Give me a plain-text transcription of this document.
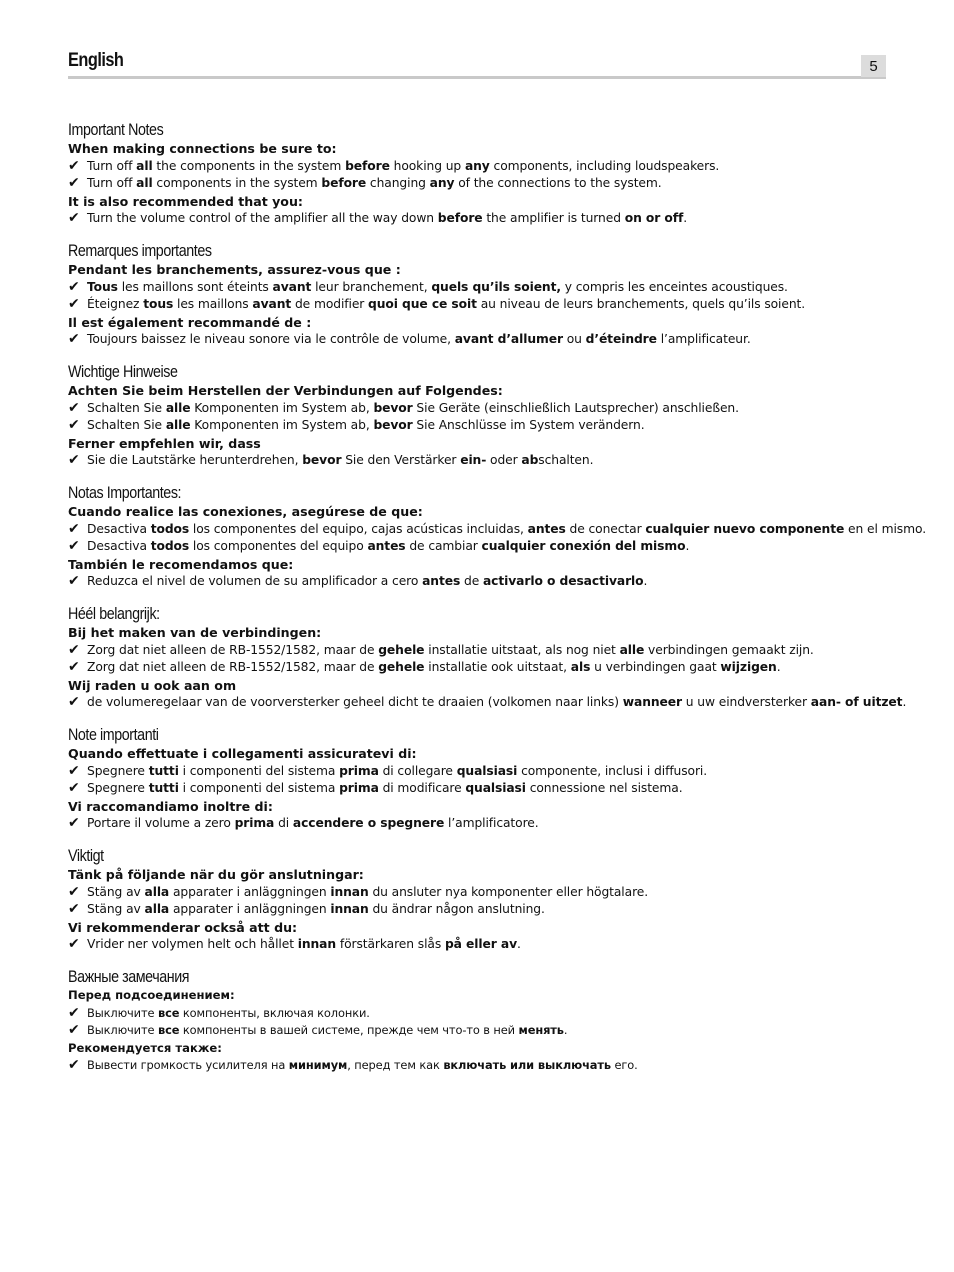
English	5
Important Notes
When making connections be sure to:
✔ Turn off all the components in the system before hooking up any components, including loudspeakers.
✔ Turn off all components in the system before changing any of the connections to the system.
It is also recommended that you:
✔ Turn the volume control of the amplifier all the way down before the amplifier is turned on or off.
Remarques importantes
Pendant les branchements, assurez-vous que :
✔ Tous les maillons sont éteints avant leur branchement, quels qu’ils soient, y compris les enceintes acoustiques.
✔ Éteignez tous les maillons avant de modifier quoi que ce soit au niveau de leurs branchements, quels qu’ils soient.
Il est également recommandé de :
✔ Toujours baissez le niveau sonore via le contrôle de volume, avant d’allumer ou d’éteindre l’amplificateur.
Wichtige Hinweise
Achten Sie beim Herstellen der Verbindungen auf Folgendes:
✔ Schalten Sie alle Komponenten im System ab, bevor Sie Geräte (einschließlich Lautsprecher) anschließen.
✔ Schalten Sie alle Komponenten im System ab, bevor Sie Anschlüsse im System verändern.
Ferner empfehlen wir, dass
✔ Sie die Lautstärke herunterdrehen, bevor Sie den Verstärker ein- oder abschalten.
Notas Importantes:
Cuando realice las conexiones, asegúrese de que:
✔ Desactiva todos los componentes del equipo, cajas acústicas incluidas, antes de conectar cualquier nuevo componente en el mismo.
✔ Desactiva todos los componentes del equipo antes de cambiar cualquier conexión del mismo.
También le recomendamos que:
✔ Reduzca el nivel de volumen de su amplificador a cero antes de activarlo o desactivarlo.
Héél belangrijk:
Bij het maken van de verbindingen:
✔ Zorg dat niet alleen de RB-1552/1582, maar de gehele installatie uitstaat, als nog niet alle verbindingen gemaakt zijn.
✔ Zorg dat niet alleen de RB-1552/1582, maar de gehele installatie ook uitstaat, als u verbindingen gaat wijzigen.
Wij raden u ook aan om
✔ de volumeregelaar van de voorversterker geheel dicht te draaien (volkomen naar links) wanneer u uw eindversterker aan- of uitzet.
Note importanti
Quando effettuate i collegamenti assicuratevi di:
✔ Spegnere tutti i componenti del sistema prima di collegare qualsiasi componente, inclusi i diffusori.
✔ Spegnere tutti i componenti del sistema prima di modificare qualsiasi connessione nel sistema.
Vi raccomandiamo inoltre di:
✔ Portare il volume a zero prima di accendere o spegnere l’amplificatore.
Viktigt
Tänk på följande när du gör anslutningar:
✔ Stäng av alla apparater i anläggningen innan du ansluter nya komponenter eller högtalare.
✔ Stäng av alla apparater i anläggningen innan du ändrar någon anslutning.
Vi rekommenderar också att du:
✔ Vrider ner volymen helt och hållet innan förstärkaren slås på eller av.
Важные замечания
Перед подсоединением:
✔ Выключите все компоненты, включая колонки.
✔ Выключите все компоненты в вашей системе, прежде чем что-то в ней менять.
Рекомендуется также:
✔ Вывести громкость усилителя на минимум, перед тем как включать или выключать его.
